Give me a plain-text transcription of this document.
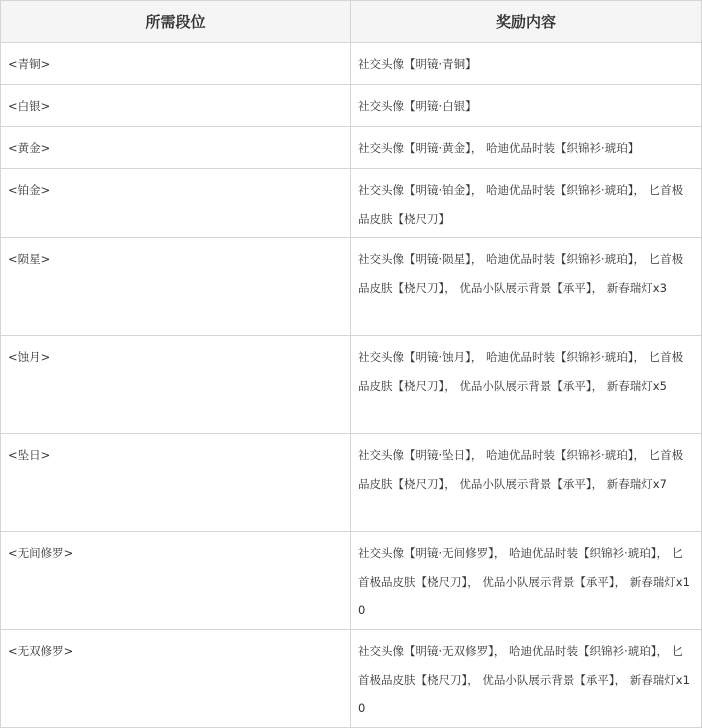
所需段位	奖励内容

<青铜>	社交头像【明镜·青铜】

<白银>	社交头像【明镜·白银】

<黄金>	社交头像【明镜·黄金】， 哈迪优品时装【织锦衫·琥珀】

<铂金>	社交头像【明镜·铂金】， 哈迪优品时装【织锦衫·琥珀】， 匕首极品皮肤【桡尺刀】

<陨星>	社交头像【明镜·陨星】， 哈迪优品时装【织锦衫·琥珀】， 匕首极品皮肤【桡尺刀】， 优品小队展示背景【承平】， 新春瑞灯x3

<蚀月>	社交头像【明镜·蚀月】， 哈迪优品时装【织锦衫·琥珀】， 匕首极品皮肤【桡尺刀】， 优品小队展示背景【承平】， 新春瑞灯x5

<坠日>	社交头像【明镜·坠日】， 哈迪优品时装【织锦衫·琥珀】， 匕首极品皮肤【桡尺刀】， 优品小队展示背景【承平】， 新春瑞灯x7

<无间修罗>	社交头像【明镜·无间修罗】， 哈迪优品时装【织锦衫·琥珀】， 匕首极品皮肤【桡尺刀】， 优品小队展示背景【承平】， 新春瑞灯x10

<无双修罗>	社交头像【明镜·无双修罗】， 哈迪优品时装【织锦衫·琥珀】， 匕首极品皮肤【桡尺刀】， 优品小队展示背景【承平】， 新春瑞灯x10
